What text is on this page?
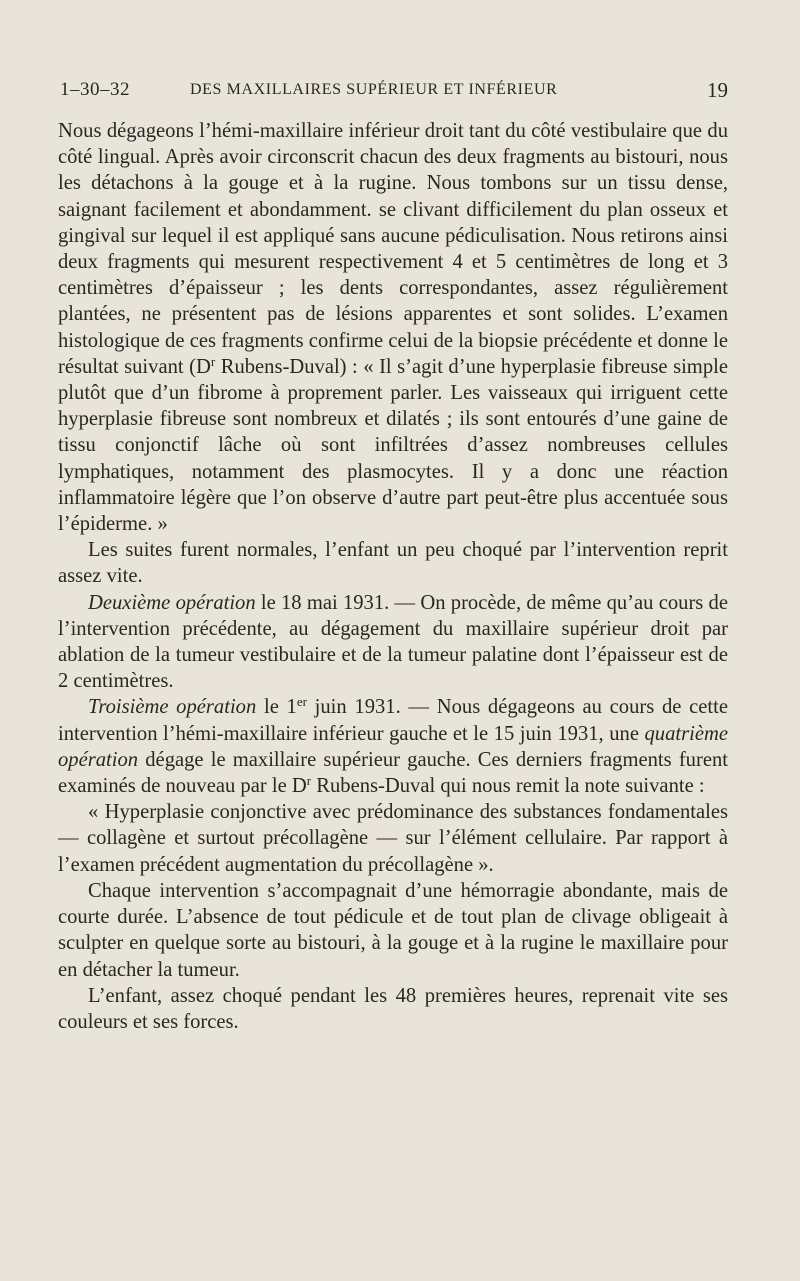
1–30–32	DES MAXILLAIRES SUPÉRIEUR ET INFÉRIEUR	19

Nous dégageons l’hémi-maxillaire inférieur droit tant du côté vestibulaire que du côté lingual. Après avoir circonscrit chacun des deux fragments au bistouri, nous les détachons à la gouge et à la rugine. Nous tombons sur un tissu dense, saignant facilement et abondamment. se clivant difficilement du plan osseux et gingival sur lequel il est appliqué sans aucune pédiculisation. Nous retirons ainsi deux fragments qui mesurent respectivement 4 et 5 centimètres de long et 3 centimètres d’épaisseur ; les dents correspondantes, assez régulièrement plantées, ne présentent pas de lésions apparentes et sont solides. L’examen histologique de ces fragments confirme celui de la biopsie précédente et donne le résultat suivant ($D^r$ Rubens-Duval) : « Il s’agit d’une hyperplasie fibreuse simple plutôt que d’un fibrome à proprement parler. Les vaisseaux qui irriguent cette hyperplasie fibreuse sont nombreux et dilatés ; ils sont entourés d’une gaine de tissu conjonctif lâche où sont infiltrées d’assez nombreuses cellules lymphatiques, notamment des plasmocytes. Il y a donc une réaction inflammatoire légère que l’on observe d’autre part peut-être plus accentuée sous l’épiderme. »

Les suites furent normales, l’enfant un peu choqué par l’intervention reprit assez vite.

Deuxième opération le 18 mai 1931. — On procède, de même qu’au cours de l’intervention précédente, au dégagement du maxillaire supérieur droit par ablation de la tumeur vestibulaire et de la tumeur palatine dont l’épaisseur est de 2 centimètres.

Troisième opération le 1er juin 1931. — Nous dégageons au cours de cette intervention l’hémi-maxillaire inférieur gauche et le 15 juin 1931, une quatrième opération dégage le maxillaire supérieur gauche. Ces derniers fragments furent examinés de nouveau par le $D^r$ Rubens-Duval qui nous remit la note suivante :

« Hyperplasie conjonctive avec prédominance des substances fondamentales — collagène et surtout précollagène — sur l’élément cellulaire. Par rapport à l’examen précédent augmentation du précollagène ».

Chaque intervention s’accompagnait d’une hémorragie abondante, mais de courte durée. L’absence de tout pédicule et de tout plan de clivage obligeait à sculpter en quelque sorte au bistouri, à la gouge et à la rugine le maxillaire pour en détacher la tumeur.

L’enfant, assez choqué pendant les 48 premières heures, reprenait vite ses couleurs et ses forces.
